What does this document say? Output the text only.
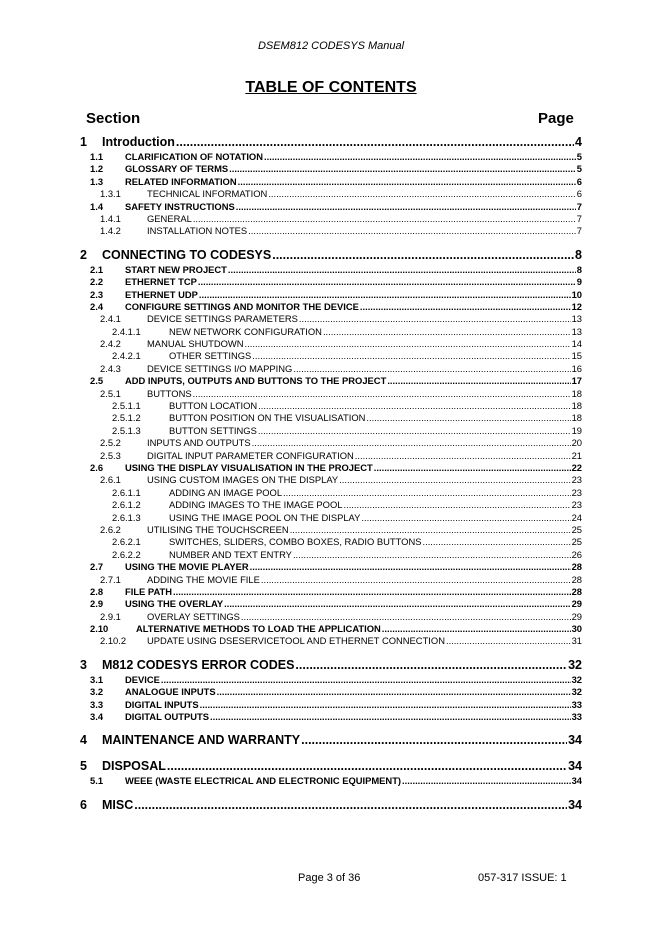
DSEM812 CODESYS Manual
TABLE OF CONTENTS
Section	Page
1	Introduction .....	4
1.1	CLARIFICATION OF NOTATION .....	5
1.2	GLOSSARY OF TERMS .....	5
1.3	RELATED INFORMATION .....	6
1.3.1	TECHNICAL INFORMATION .....	6
1.4	SAFETY INSTRUCTIONS .....	7
1.4.1	GENERAL .....	7
1.4.2	INSTALLATION NOTES .....	7
2	CONNECTING TO CODESYS .....	8
2.1	START NEW PROJECT .....	8
2.2	ETHERNET TCP .....	9
2.3	ETHERNET UDP .....	10
2.4	CONFIGURE SETTINGS AND MONITOR THE DEVICE .....	12
2.4.1	DEVICE SETTINGS PARAMETERS .....	13
2.4.1.1	NEW NETWORK CONFIGURATION .....	13
2.4.2	MANUAL SHUTDOWN .....	14
2.4.2.1	OTHER SETTINGS .....	15
2.4.3	DEVICE SETTINGS I/O MAPPING .....	16
2.5	ADD INPUTS, OUTPUTS AND BUTTONS TO THE PROJECT .....	17
2.5.1	BUTTONS .....	18
2.5.1.1	BUTTON LOCATION .....	18
2.5.1.2	BUTTON POSITION ON THE VISUALISATION .....	18
2.5.1.3	BUTTON SETTINGS .....	19
2.5.2	INPUTS AND OUTPUTS .....	20
2.5.3	DIGITAL INPUT PARAMETER CONFIGURATION .....	21
2.6	USING THE DISPLAY VISUALISATION IN THE PROJECT .....	22
2.6.1	USING CUSTOM IMAGES ON THE DISPLAY .....	23
2.6.1.1	ADDING AN IMAGE POOL .....	23
2.6.1.2	ADDING IMAGES TO THE IMAGE POOL .....	23
2.6.1.3	USING THE IMAGE POOL ON THE DISPLAY .....	24
2.6.2	UTILISING THE TOUCHSCREEN .....	25
2.6.2.1	SWITCHES, SLIDERS, COMBO BOXES, RADIO BUTTONS .....	25
2.6.2.2	NUMBER AND TEXT ENTRY .....	26
2.7	USING THE MOVIE PLAYER .....	28
2.7.1	ADDING THE MOVIE FILE .....	28
2.8	FILE PATH .....	28
2.9	USING THE OVERLAY .....	29
2.9.1	OVERLAY SETTINGS .....	29
2.10	ALTERNATIVE METHODS TO LOAD THE APPLICATION .....	30
2.10.2	UPDATE USING DSESERVICETOOL AND ETHERNET CONNECTION .....	31
3	M812 CODESYS ERROR CODES .....	32
3.1	DEVICE .....	32
3.2	ANALOGUE INPUTS .....	32
3.3	DIGITAL INPUTS .....	33
3.4	DIGITAL OUTPUTS .....	33
4	MAINTENANCE AND WARRANTY .....	34
5	DISPOSAL .....	34
5.1	WEEE (WASTE ELECTRICAL AND ELECTRONIC EQUIPMENT) .....	34
6	MISC .....	34
Page 3 of 36	057-317 ISSUE: 1
